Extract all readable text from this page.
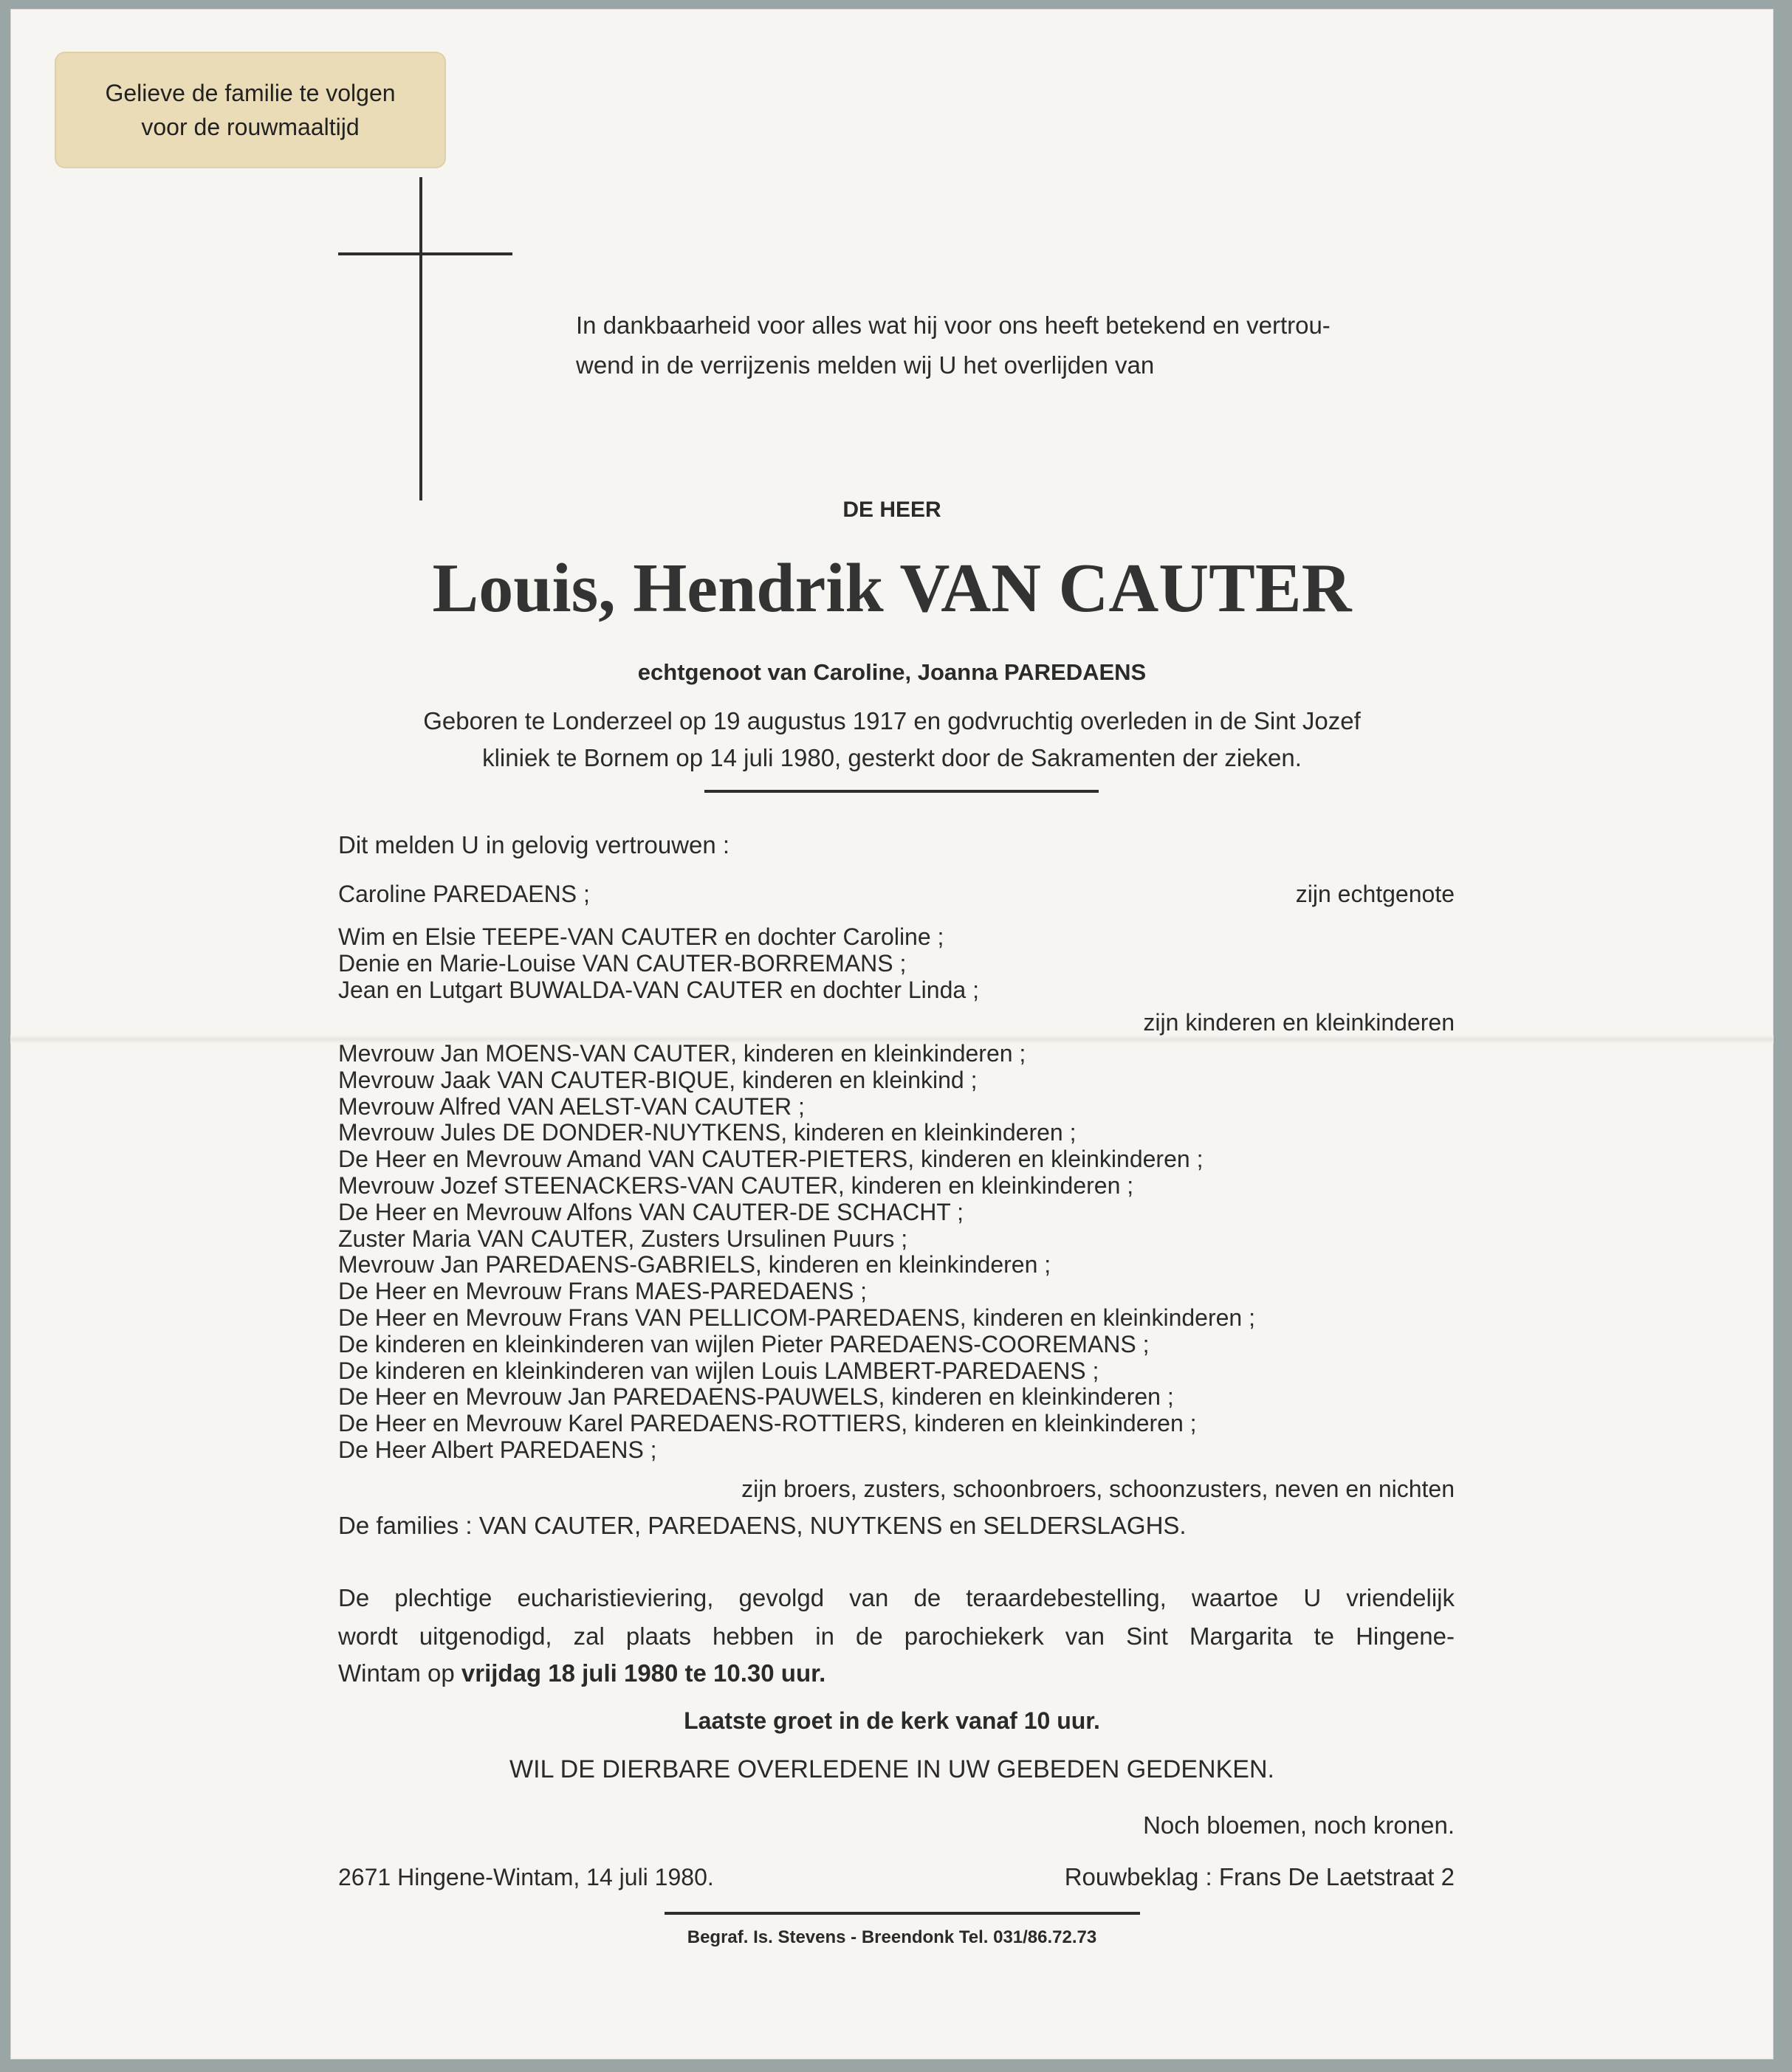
Gelieve de familie te volgen
voor de rouwmaaltijd
In dankbaarheid voor alles wat hij voor ons heeft betekend en vertrou-
wend in de verrijzenis melden wij U het overlijden van
DE HEER
Louis, Hendrik VAN CAUTER
echtgenoot van Caroline, Joanna PAREDAENS
Geboren te Londerzeel op 19 augustus 1917 en godvruchtig overleden in de Sint Jozef
kliniek te Bornem op 14 juli 1980, gesterkt door de Sakramenten der zieken.
Dit melden U in gelovig vertrouwen :
Caroline PAREDAENS ;	zijn echtgenote
Wim en Elsie TEEPE-VAN CAUTER en dochter Caroline ;
Denie en Marie-Louise VAN CAUTER-BORREMANS ;
Jean en Lutgart BUWALDA-VAN CAUTER en dochter Linda ;
zijn kinderen en kleinkinderen
Mevrouw Jan MOENS-VAN CAUTER, kinderen en kleinkinderen ;
Mevrouw Jaak VAN CAUTER-BIQUE, kinderen en kleinkind ;
Mevrouw Alfred VAN AELST-VAN CAUTER ;
Mevrouw Jules DE DONDER-NUYTKENS, kinderen en kleinkinderen ;
De Heer en Mevrouw Amand VAN CAUTER-PIETERS, kinderen en kleinkinderen ;
Mevrouw Jozef STEENACKERS-VAN CAUTER, kinderen en kleinkinderen ;
De Heer en Mevrouw Alfons VAN CAUTER-DE SCHACHT ;
Zuster Maria VAN CAUTER, Zusters Ursulinen Puurs ;
Mevrouw Jan PAREDAENS-GABRIELS, kinderen en kleinkinderen ;
De Heer en Mevrouw Frans MAES-PAREDAENS ;
De Heer en Mevrouw Frans VAN PELLICOM-PAREDAENS, kinderen en kleinkinderen ;
De kinderen en kleinkinderen van wijlen Pieter PAREDAENS-COOREMANS ;
De kinderen en kleinkinderen van wijlen Louis LAMBERT-PAREDAENS ;
De Heer en Mevrouw Jan PAREDAENS-PAUWELS, kinderen en kleinkinderen ;
De Heer en Mevrouw Karel PAREDAENS-ROTTIERS, kinderen en kleinkinderen ;
De Heer Albert PAREDAENS ;
zijn broers, zusters, schoonbroers, schoonzusters, neven en nichten
De families : VAN CAUTER, PAREDAENS, NUYTKENS en SELDERSLAGHS.
De plechtige eucharistieviering, gevolgd van de teraardebestelling, waartoe U vriendelijk
wordt uitgenodigd, zal plaats hebben in de parochiekerk van Sint Margarita te Hingene-
Wintam op vrijdag 18 juli 1980 te 10.30 uur.
Laatste groet in de kerk vanaf 10 uur.
WIL DE DIERBARE OVERLEDENE IN UW GEBEDEN GEDENKEN.
Noch bloemen, noch kronen.
2671 Hingene-Wintam, 14 juli 1980.	Rouwbeklag : Frans De Laetstraat 2
Begraf. Is. Stevens - Breendonk Tel. 031/86.72.73
